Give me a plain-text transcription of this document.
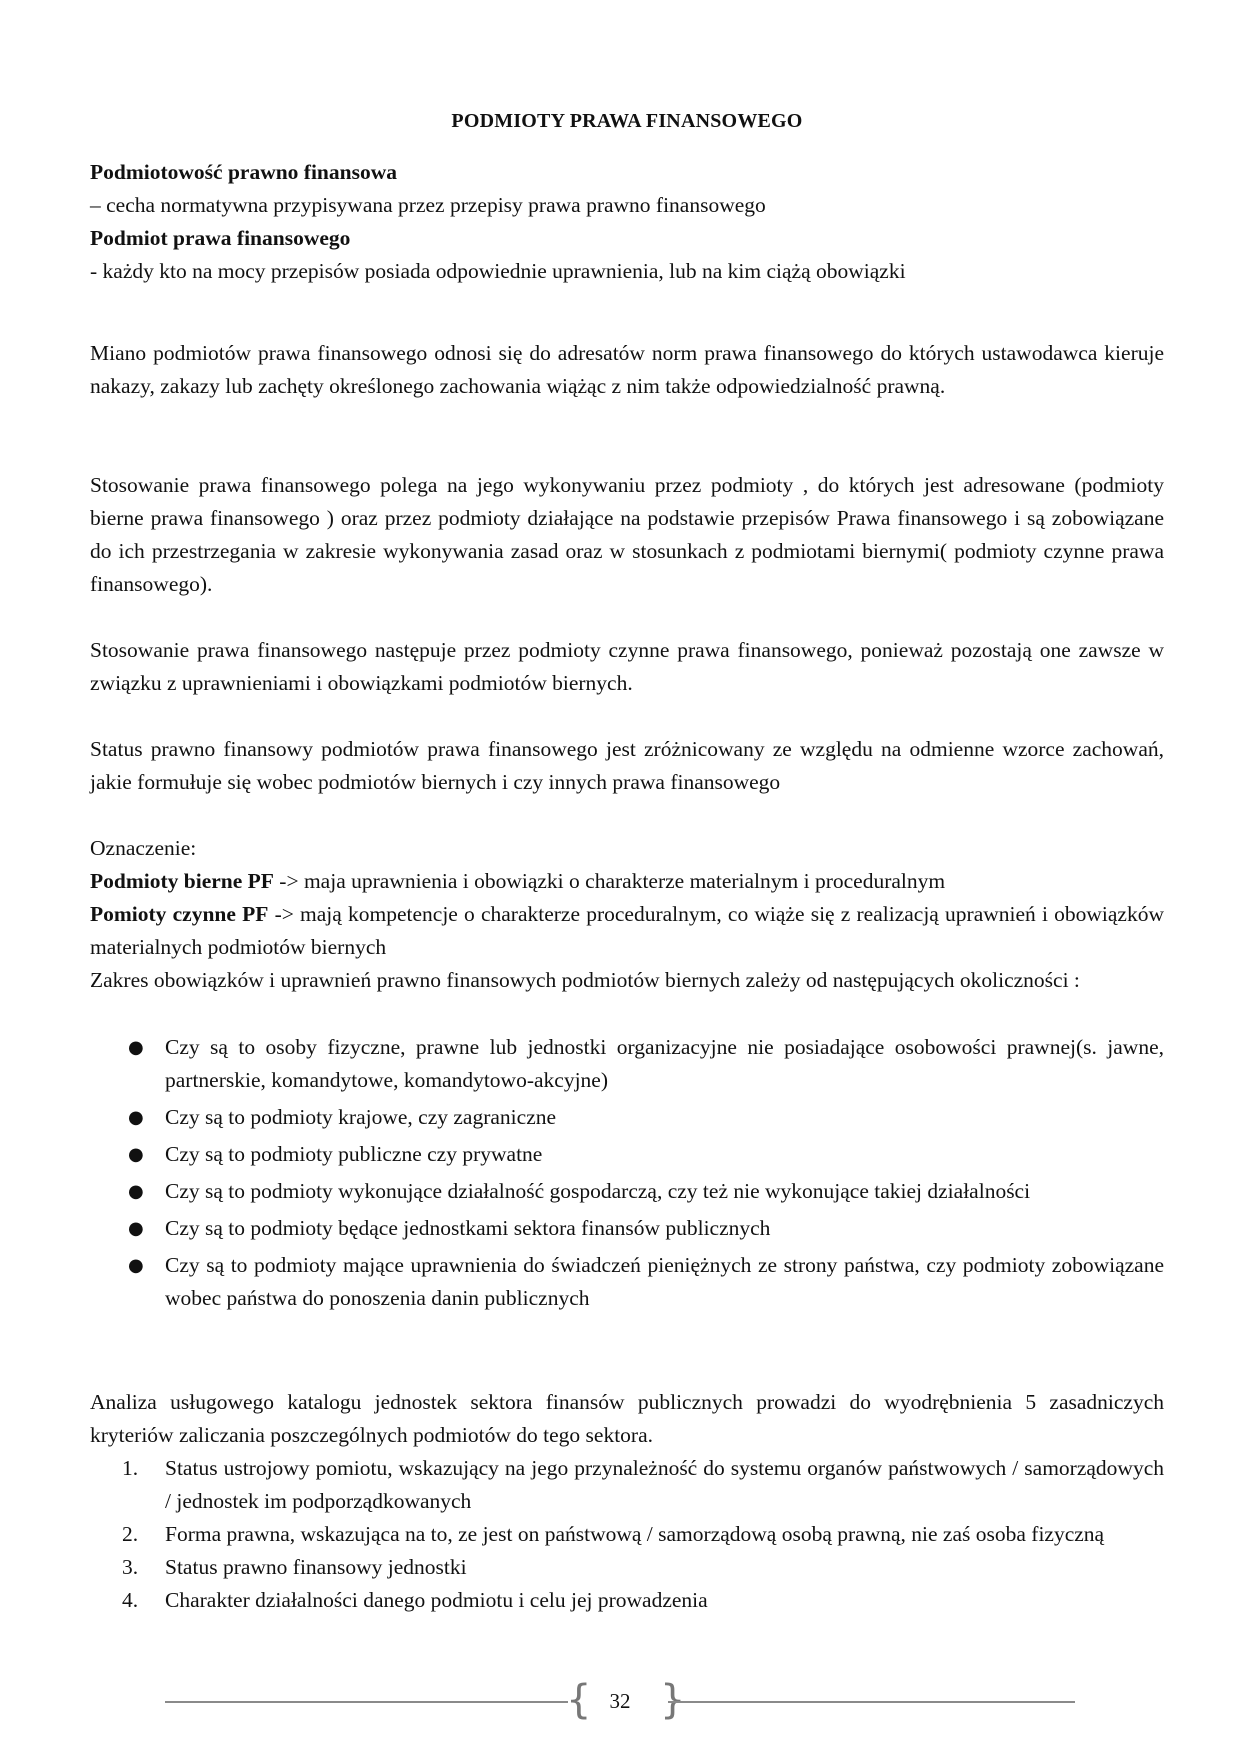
PODMIOTY PRAWA FINANSOWEGO
Podmiotowość prawno finansowa
– cecha normatywna przypisywana przez przepisy prawa prawno finansowego
Podmiot prawa finansowego
- każdy kto na mocy przepisów posiada odpowiednie uprawnienia, lub na kim ciążą obowiązki
Miano podmiotów prawa finansowego odnosi się do adresatów norm prawa finansowego do których ustawodawca kieruje nakazy, zakazy lub zachęty określonego zachowania wiążąc z nim także odpowiedzialność prawną.
Stosowanie prawa finansowego polega na jego wykonywaniu przez podmioty , do których jest adresowane (podmioty bierne prawa finansowego ) oraz przez podmioty działające na podstawie przepisów Prawa finansowego i są zobowiązane do ich przestrzegania w zakresie wykonywania zasad oraz w stosunkach z podmiotami biernymi( podmioty czynne prawa finansowego).
Stosowanie prawa finansowego następuje przez podmioty czynne prawa finansowego, ponieważ pozostają one zawsze w związku z uprawnieniami i obowiązkami podmiotów biernych.
Status prawno finansowy podmiotów prawa finansowego jest zróżnicowany ze względu na odmienne wzorce zachowań, jakie formułuje się wobec podmiotów biernych i czy innych prawa finansowego
Oznaczenie:
Podmioty bierne PF -> maja uprawnienia i obowiązki o charakterze materialnym i proceduralnym
Pomioty czynne PF -> mają kompetencje o charakterze proceduralnym, co wiąże się z realizacją uprawnień i obowiązków materialnych podmiotów biernych
Zakres obowiązków i uprawnień prawno finansowych podmiotów biernych zależy od następujących okoliczności :
● Czy są to osoby fizyczne, prawne lub jednostki organizacyjne nie posiadające osobowości prawnej(s. jawne, partnerskie, komandytowe, komandytowo-akcyjne)
● Czy są to podmioty krajowe, czy zagraniczne
● Czy są to podmioty publiczne czy prywatne
● Czy są to podmioty wykonujące działalność gospodarczą, czy też nie wykonujące takiej działalności
● Czy są to podmioty będące jednostkami sektora finansów publicznych
● Czy są to podmioty mające uprawnienia do świadczeń pieniężnych ze strony państwa, czy podmioty zobowiązane wobec państwa do ponoszenia danin publicznych
Analiza usługowego katalogu jednostek sektora finansów publicznych prowadzi do wyodrębnienia 5 zasadniczych kryteriów zaliczania poszczególnych podmiotów do tego sektora.
1.	Status ustrojowy pomiotu, wskazujący na jego przynależność do systemu organów państwowych / samorządowych / jednostek im podporządkowanych
2.	Forma prawna, wskazująca na to, ze jest on państwową / samorządową osobą prawną, nie zaś osoba fizyczną
3.	Status prawno finansowy jednostki
4.	Charakter działalności danego podmiotu i celu jej prowadzenia
{ 32 }
